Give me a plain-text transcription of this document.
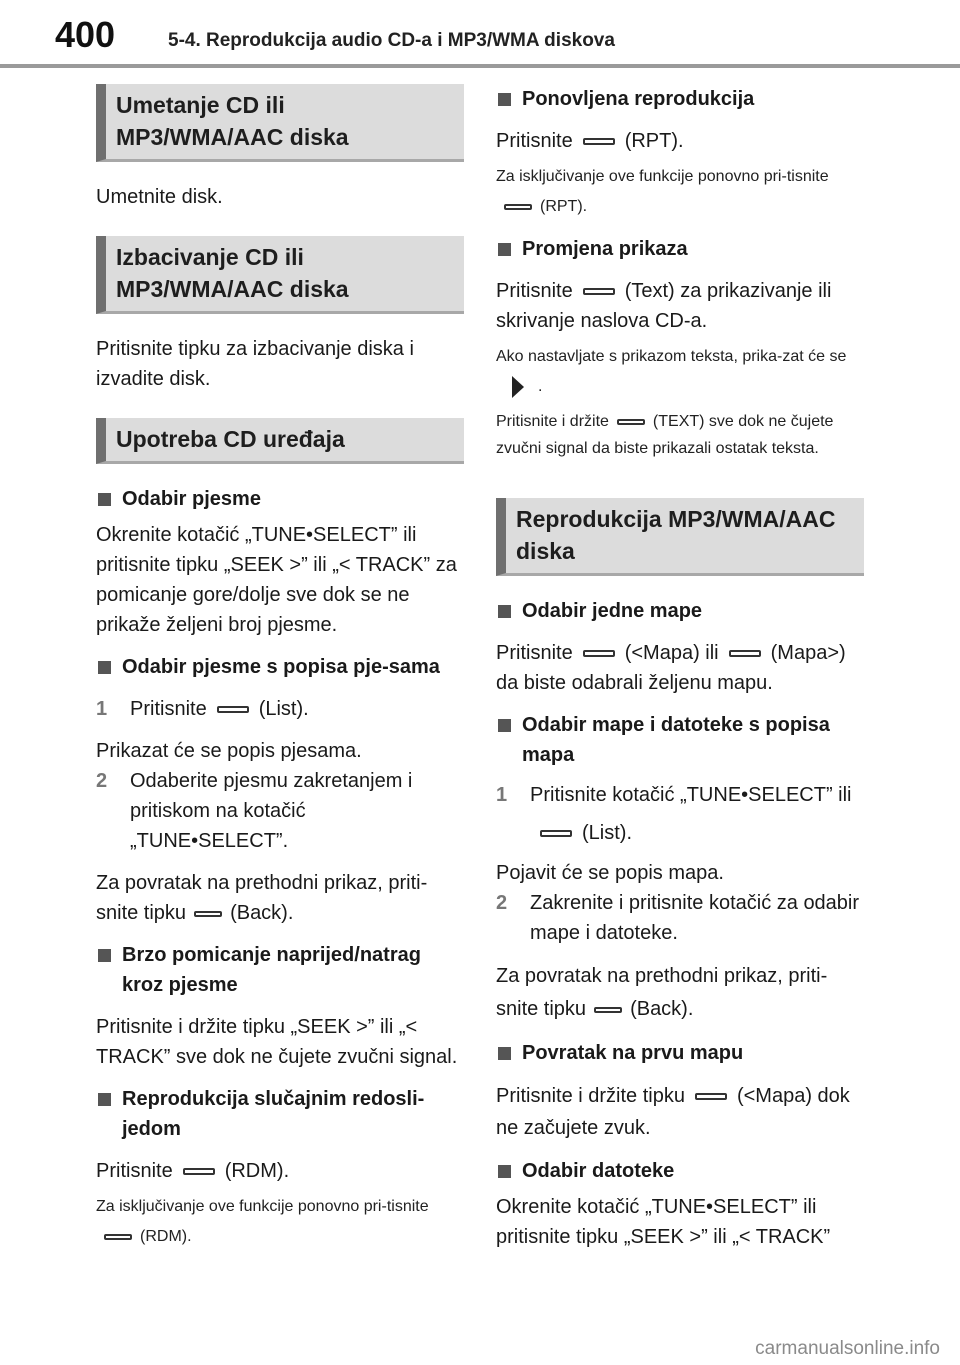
400	5-4. Reprodukcija audio CD-a i MP3/WMA diskova
Umetanje CD ili MP3/WMA/AAC diska

Umetnite disk.

Izbacivanje CD ili MP3/WMA/AAC diska

Pritisnite tipku za izbacivanje diska i izvadite disk.

Upotreba CD uređaja
Odabir pjesme

Okrenite kotačić „TUNE•SELECT” ili pritisnite tipku „SEEK >” ili „< TRACK” za pomicanje gore/dolje sve dok se ne prikaže željeni broj pjesme.

Odabir pjesme s popisa pje-sama
1 Pritisnite	(List).

Prikazat će se popis pjesama.

2 Odaberite pjesmu zakretanjem i pritiskom na kotačić „TUNE•SELECT”.

Za povratak na prethodni prikaz, priti-snite tipku (Back).

Brzo pomicanje naprijed/natrag kroz pjesme

Pritisnite i držite tipku „SEEK >” ili „< TRACK” sve dok ne čujete zvučni signal.

Reprodukcija slučajnim redosli-jedom

Pritisnite	(RDM).

Za isključivanje ove funkcije ponovno pri-tisnite(RDM).

Ponovljena reprodukcija

Pritisnite	(RPT).

Za isključivanje ove funkcije ponovno pri-tisnite(RPT).

Promjena prikaza

Pritisnite	(Text) za prikazivanje ili skrivanje naslova CD-a.

Ako nastavljate s prikazom teksta, prika-zat će se.

Pritisnite i držite	(TEXT) sve dok ne čujete zvučni signal da biste prikazali ostatak teksta.

Reprodukcija MP3/WMA/AAC diska
Odabir jedne mape

Pritisnite	(<Mapa) ili	(Mapa>) da biste odabrali željenu mapu.

Odabir mape i datoteke s popisa mapa
1 Pritisnite kotačić „TUNE•SELECT” ili(List).

Pojavit će se popis mapa.

2 Zakrenite i pritisnite kotačić za odabir mape i datoteke.

Za povratak na prethodni prikaz, priti-snite tipku (Back).

Povratak na prvu mapu

Pritisnite i držite tipku	(<Mapa) dok ne začujete zvuk.

Odabir datoteke

Okrenite kotačić „TUNE•SELECT” ili pritisnite tipku „SEEK >” ili „< TRACK”

carmanualsonline.info
